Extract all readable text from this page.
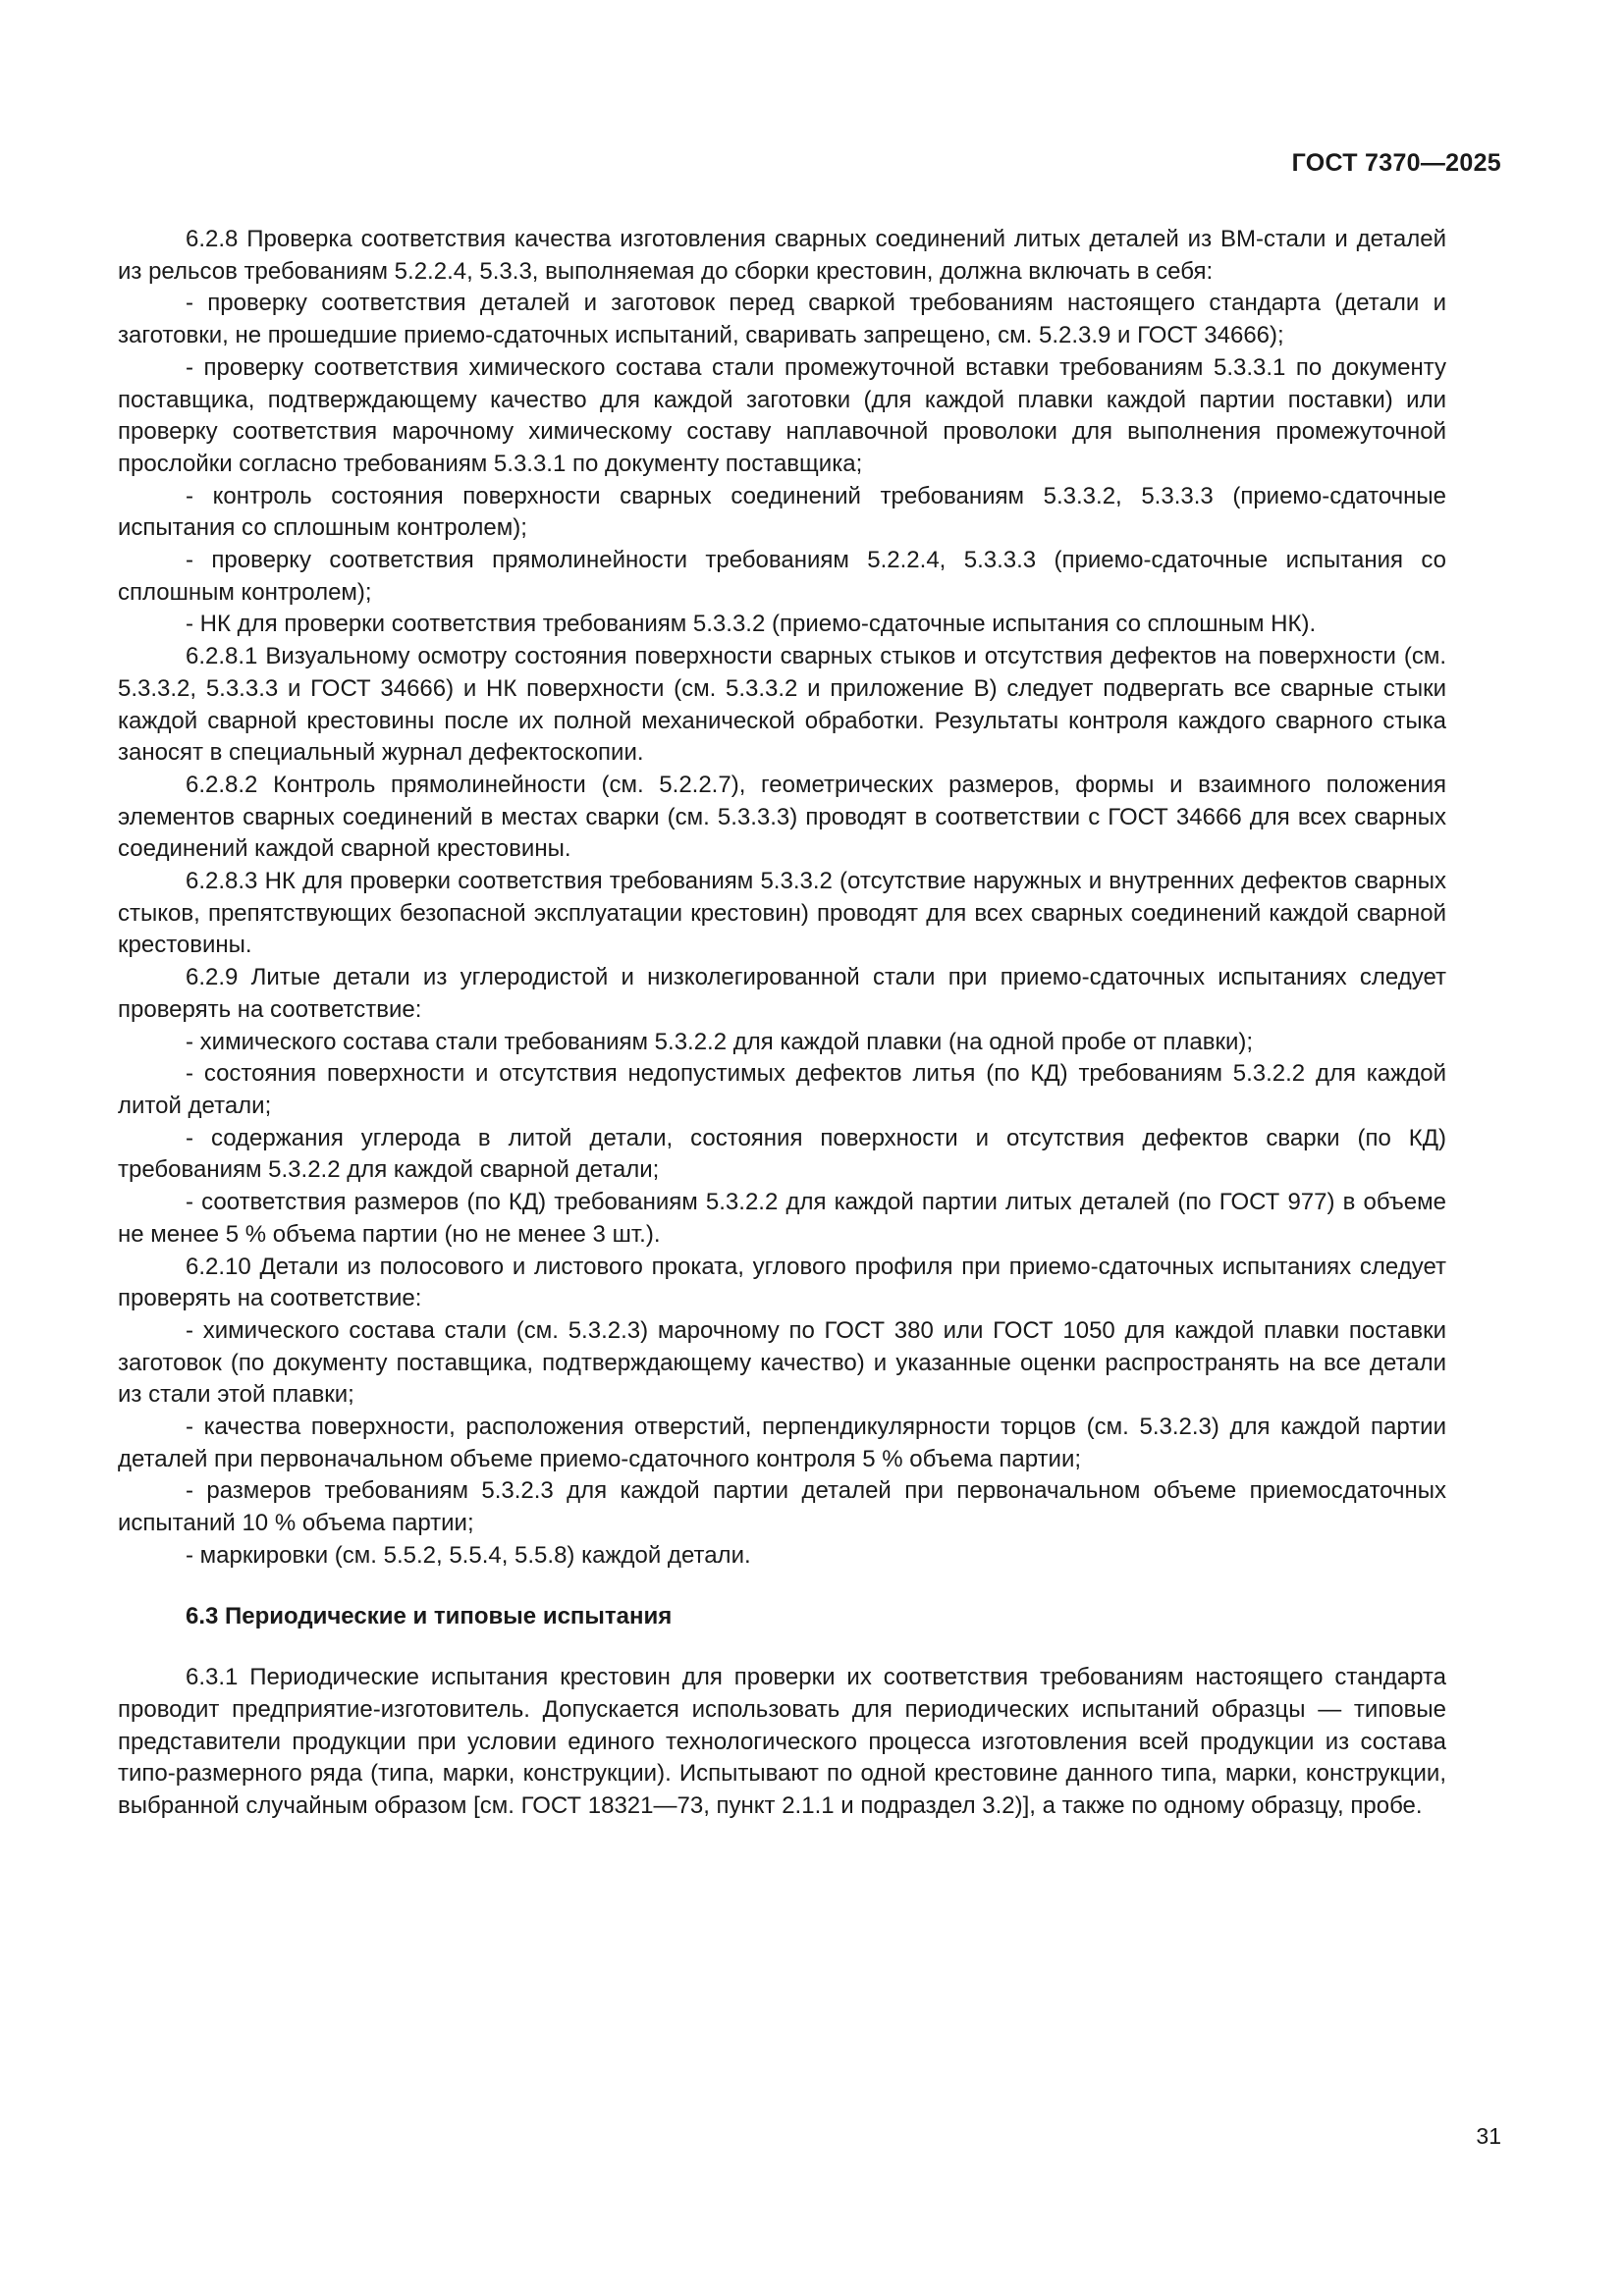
ГОСТ 7370—2025

6.2.8 Проверка соответствия качества изготовления сварных соединений литых деталей из ВМ-стали и деталей из рельсов требованиям 5.2.2.4, 5.3.3, выполняемая до сборки крестовин, должна включать в себя:

- проверку соответствия деталей и заготовок перед сваркой требованиям настоящего стандарта (детали и заготовки, не прошедшие приемо-сдаточных испытаний, сваривать запрещено, см. 5.2.3.9 и ГОСТ 34666);

- проверку соответствия химического состава стали промежуточной вставки требованиям 5.3.3.1 по документу поставщика, подтверждающему качество для каждой заготовки (для каждой плавки каждой партии поставки) или проверку соответствия марочному химическому составу наплавочной проволоки для выполнения промежуточной прослойки согласно требованиям 5.3.3.1 по документу поставщика;

- контроль состояния поверхности сварных соединений требованиям 5.3.3.2, 5.3.3.3 (приемо-сдаточные испытания со сплошным контролем);

- проверку соответствия прямолинейности требованиям 5.2.2.4, 5.3.3.3 (приемо-сдаточные испытания со сплошным контролем);

- НК для проверки соответствия требованиям 5.3.3.2 (приемо-сдаточные испытания со сплошным НК).

6.2.8.1 Визуальному осмотру состояния поверхности сварных стыков и отсутствия дефектов на поверхности (см. 5.3.3.2, 5.3.3.3 и ГОСТ 34666) и НК поверхности (см. 5.3.3.2 и приложение В) следует подвергать все сварные стыки каждой сварной крестовины после их полной механической обработки. Результаты контроля каждого сварного стыка заносят в специальный журнал дефектоскопии.

6.2.8.2 Контроль прямолинейности (см. 5.2.2.7), геометрических размеров, формы и взаимного положения элементов сварных соединений в местах сварки (см. 5.3.3.3) проводят в соответствии с ГОСТ 34666 для всех сварных соединений каждой сварной крестовины.

6.2.8.3 НК для проверки соответствия требованиям 5.3.3.2 (отсутствие наружных и внутренних дефектов сварных стыков, препятствующих безопасной эксплуатации крестовин) проводят для всех сварных соединений каждой сварной крестовины.

6.2.9 Литые детали из углеродистой и низколегированной стали при приемо-сдаточных испытаниях следует проверять на соответствие:

- химического состава стали требованиям 5.3.2.2 для каждой плавки (на одной пробе от плавки);

- состояния поверхности и отсутствия недопустимых дефектов литья (по КД) требованиям 5.3.2.2 для каждой литой детали;

- содержания углерода в литой детали, состояния поверхности и отсутствия дефектов сварки (по КД) требованиям 5.3.2.2 для каждой сварной детали;

- соответствия размеров (по КД) требованиям 5.3.2.2 для каждой партии литых деталей (по ГОСТ 977) в объеме не менее 5 % объема партии (но не менее 3 шт.).

6.2.10 Детали из полосового и листового проката, углового профиля при приемо-сдаточных испытаниях следует проверять на соответствие:

- химического состава стали (см. 5.3.2.3) марочному по ГОСТ 380 или ГОСТ 1050 для каждой плавки поставки заготовок (по документу поставщика, подтверждающему качество) и указанные оценки распространять на все детали из стали этой плавки;

- качества поверхности, расположения отверстий, перпендикулярности торцов (см. 5.3.2.3) для каждой партии деталей при первоначальном объеме приемо-сдаточного контроля 5 % объема партии;

- размеров требованиям 5.3.2.3 для каждой партии деталей при первоначальном объеме приемосдаточных испытаний 10 % объема партии;

- маркировки (см. 5.5.2, 5.5.4, 5.5.8) каждой детали.

6.3 Периодические и типовые испытания

6.3.1 Периодические испытания крестовин для проверки их соответствия требованиям настоящего стандарта проводит предприятие-изготовитель. Допускается использовать для периодических испытаний образцы — типовые представители продукции при условии единого технологического процесса изготовления всей продукции из состава типо-размерного ряда (типа, марки, конструкции). Испытывают по одной крестовине данного типа, марки, конструкции, выбранной случайным образом [см. ГОСТ 18321—73, пункт 2.1.1 и подраздел 3.2)], а также по одному образцу, пробе.

31
